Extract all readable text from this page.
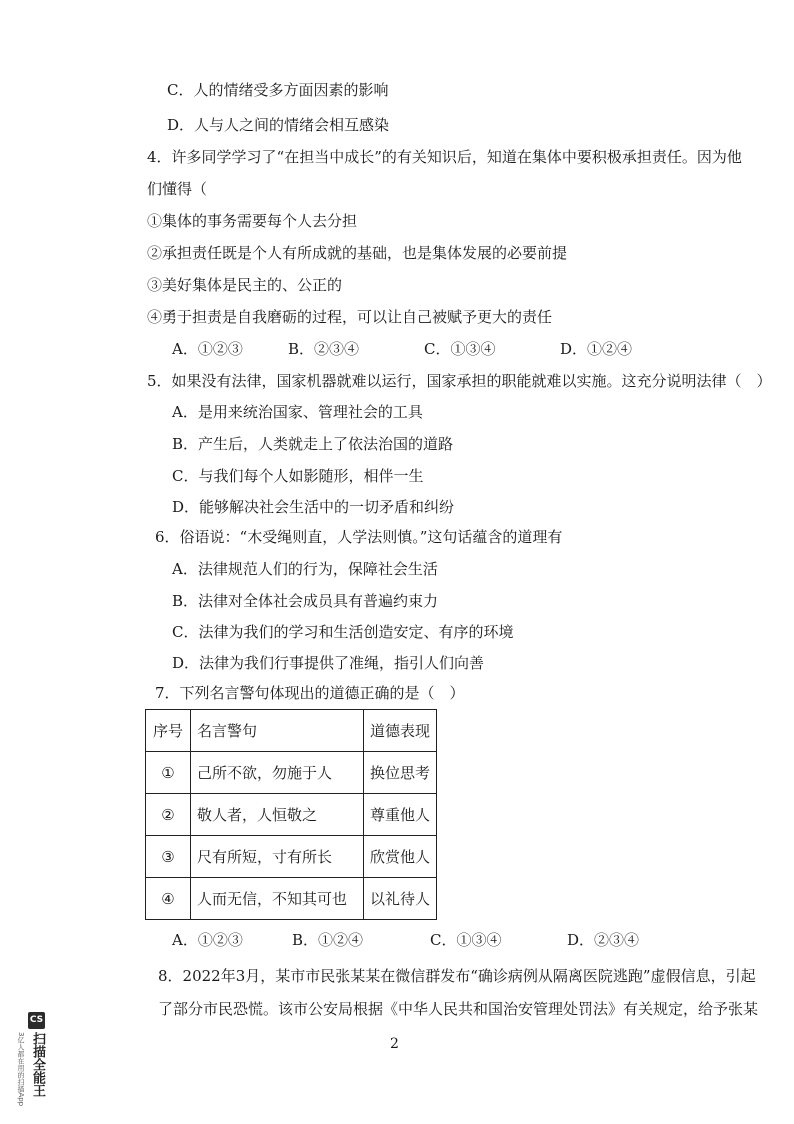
C．人的情绪受多方面因素的影响
D．人与人之间的情绪会相互感染
4．许多同学学习了“在担当中成长”的有关知识后，知道在集体中要积极承担责任。因为他
们懂得（
①集体的事务需要每个人去分担
②承担责任既是个人有所成就的基础，也是集体发展的必要前提
③美好集体是民主的、公正的
④勇于担责是自我磨砺的过程，可以让自己被赋予更大的责任
A．①②③	B．②③④	C．①③④	D．①②④
5．如果没有法律，国家机器就难以运行，国家承担的职能就难以实施。这充分说明法律（　）
A．是用来统治国家、管理社会的工具
B．产生后，人类就走上了依法治国的道路
C．与我们每个人如影随形，相伴一生
D．能够解决社会生活中的一切矛盾和纠纷
6．俗语说：“木受绳则直，人学法则慎。”这句话蕴含的道理有
A．法律规范人们的行为，保障社会生活
B．法律对全体社会成员具有普遍约束力
C．法律为我们的学习和生活创造安定、有序的环境
D．法律为我们行事提供了准绳，指引人们向善
7．下列名言警句体现出的道德正确的是（　）
序号	名言警句	道德表现
①	己所不欲，勿施于人	换位思考
②	敬人者，人恒敬之	尊重他人
③	尺有所短，寸有所长	欣赏他人
④	人而无信，不知其可也	以礼待人
A．①②③	B．①②④	C．①③④	D．②③④
8．2022年3月，某市市民张某某在微信群发布“确诊病例从隔离医院逃跑”虚假信息，引起
了部分市民恐慌。该市公安局根据《中华人民共和国治安管理处罚法》有关规定，给予张某
2
CS
扫描全能王
3亿人都在用的扫描App
